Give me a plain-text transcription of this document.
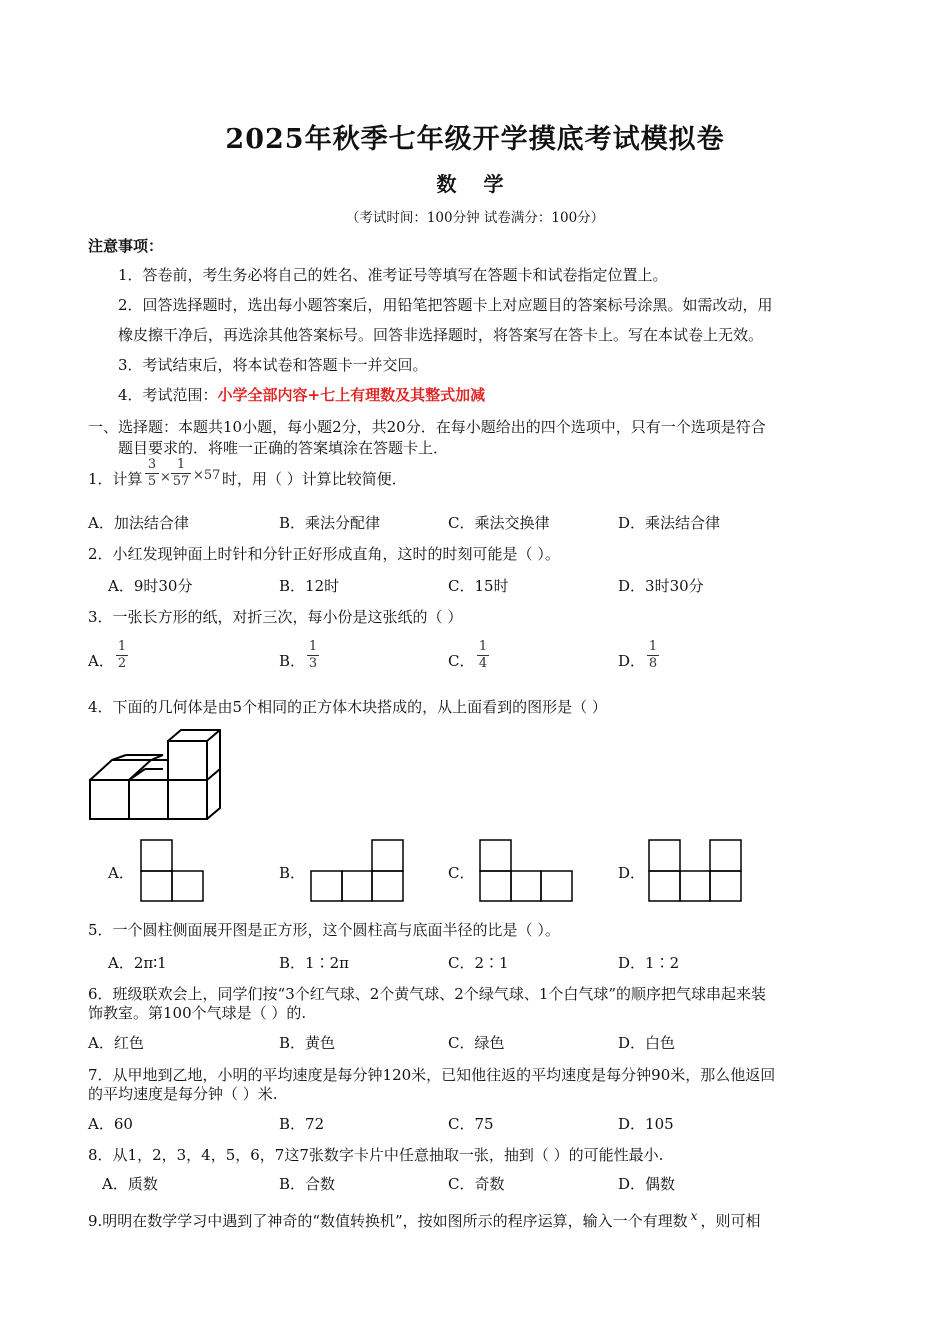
2025年秋季七年级开学摸底考试模拟卷
数 学
（考试时间：100分钟 试卷满分：100分）
注意事项：
1．答卷前，考生务必将自己的姓名、准考证号等填写在答题卡和试卷指定位置上。
2．回答选择题时，选出每小题答案后，用铅笔把答题卡上对应题目的答案标号涂黑。如需改动，用
橡皮擦干净后，再选涂其他答案标号。回答非选择题时，将答案写在答卡上。写在本试卷上无效。
3．考试结束后，将本试卷和答题卡一并交回。
4．考试范围：小学全部内容+七上有理数及其整式加减
一、选择题：本题共10小题，每小题2分，共20分．在每小题给出的四个选项中，只有一个选项是符合
题目要求的．将唯一正确的答案填涂在答题卡上．
1．计算
3
5 ×
1
57 ×57 时，用（ ）计算比较简便．
A．加法结合律	B．乘法分配律	C．乘法交换律	D．乘法结合律
2．小红发现钟面上时针和分针正好形成直角，这时的时刻可能是（ ）。
A．9时30分	B．12时	C．15时	D．3时30分
3．一张长方形的纸，对折三次，每小份是这张纸的（ ）
A．
1
2	B．
1
3	C．
1
4	D．
1
8
4．下面的几何体是由5个相同的正方体木块搭成的，从上面看到的图形是（ ）
A．	B．	C．	D．
5．一个圆柱侧面展开图是正方形，这个圆柱高与底面半径的比是（ ）。
A．2π∶1	B．1∶2π	C．2∶1	D．1∶2
6．班级联欢会上，同学们按“3个红气球、2个黄气球、2个绿气球、1个白气球”的顺序把气球串起来装
饰教室。第100个气球是（ ）的.
A．红色	B．黄色	C．绿色	D．白色
7．从甲地到乙地，小明的平均速度是每分钟120米，已知他往返的平均速度是每分钟90米，那么他返回
的平均速度是每分钟（ ）米.
A．60	B．72	C．75	D．105
8．从1，2，3，4，5，6，7这7张数字卡片中任意抽取一张，抽到（ ）的可能性最小.
A．质数	B．合数	C．奇数	D．偶数
9.明明在数学学习中遇到了神奇的“数值转换机”，按如图所示的程序运算，输入一个有理数 $^x$ ，则可相
